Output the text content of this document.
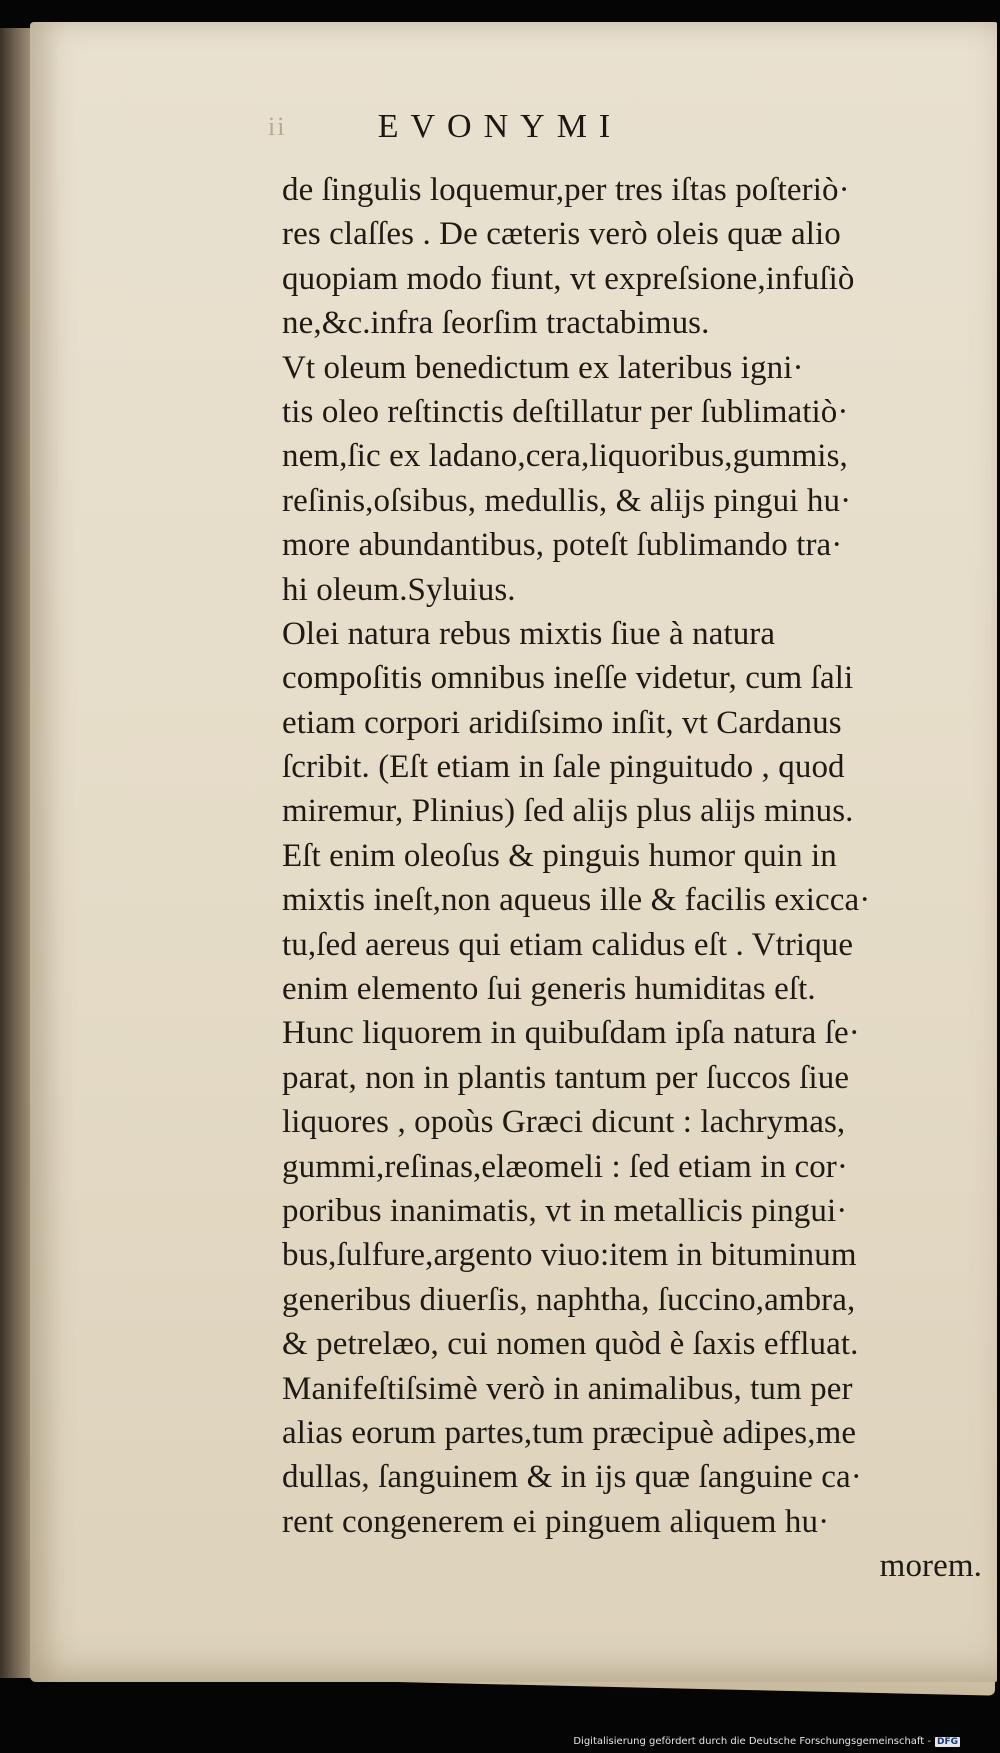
ii	EVONYMI
de ſingulis loquemur,per tres iſtas poſteriò·
res claſſes . De cæteris verò oleis quæ alio
quopiam modo fiunt, vt expreſsione,infuſiò
ne,&c.infra ſeorſim tractabimus.
Vt oleum benedictum ex lateribus igni·
tis oleo reſtinctis deſtillatur per ſublimatiò·
nem,ſic ex ladano,cera,liquoribus,gummis,
reſinis,oſsibus, medullis, & alijs pingui hu·
more abundantibus, poteſt ſublimando tra·
hi oleum.Syluius.
Olei natura rebus mixtis ſiue à natura
compoſitis omnibus ineſſe videtur, cum ſali
etiam corpori aridiſsimo inſit, vt Cardanus
ſcribit. (Eſt etiam in ſale pinguitudo , quod
miremur, Plinius) ſed alijs plus alijs minus.
Eſt enim oleoſus & pinguis humor quin in
mixtis ineſt,non aqueus ille & facilis exicca·
tu,ſed aereus qui etiam calidus eſt . Vtrique
enim elemento ſui generis humiditas eſt.
Hunc liquorem in quibuſdam ipſa natura ſe·
parat, non in plantis tantum per ſuccos ſiue
liquores , opoùs Græci dicunt : lachrymas,
gummi,reſinas,elæomeli : ſed etiam in cor·
poribus inanimatis, vt in metallicis pingui·
bus,ſulfure,argento viuo:item in bituminum
generibus diuerſis, naphtha, ſuccino,ambra,
& petrelæo, cui nomen quòd è ſaxis effluat.
Manifeſtiſsimè verò in animalibus, tum per
alias eorum partes,tum præcipuè adipes,me
dullas, ſanguinem & in ijs quæ ſanguine ca·
rent congenerem ei pinguem aliquem hu·
morem.
Digitalisierung gefördert durch die Deutsche Forschungsgemeinschaft - DFG
